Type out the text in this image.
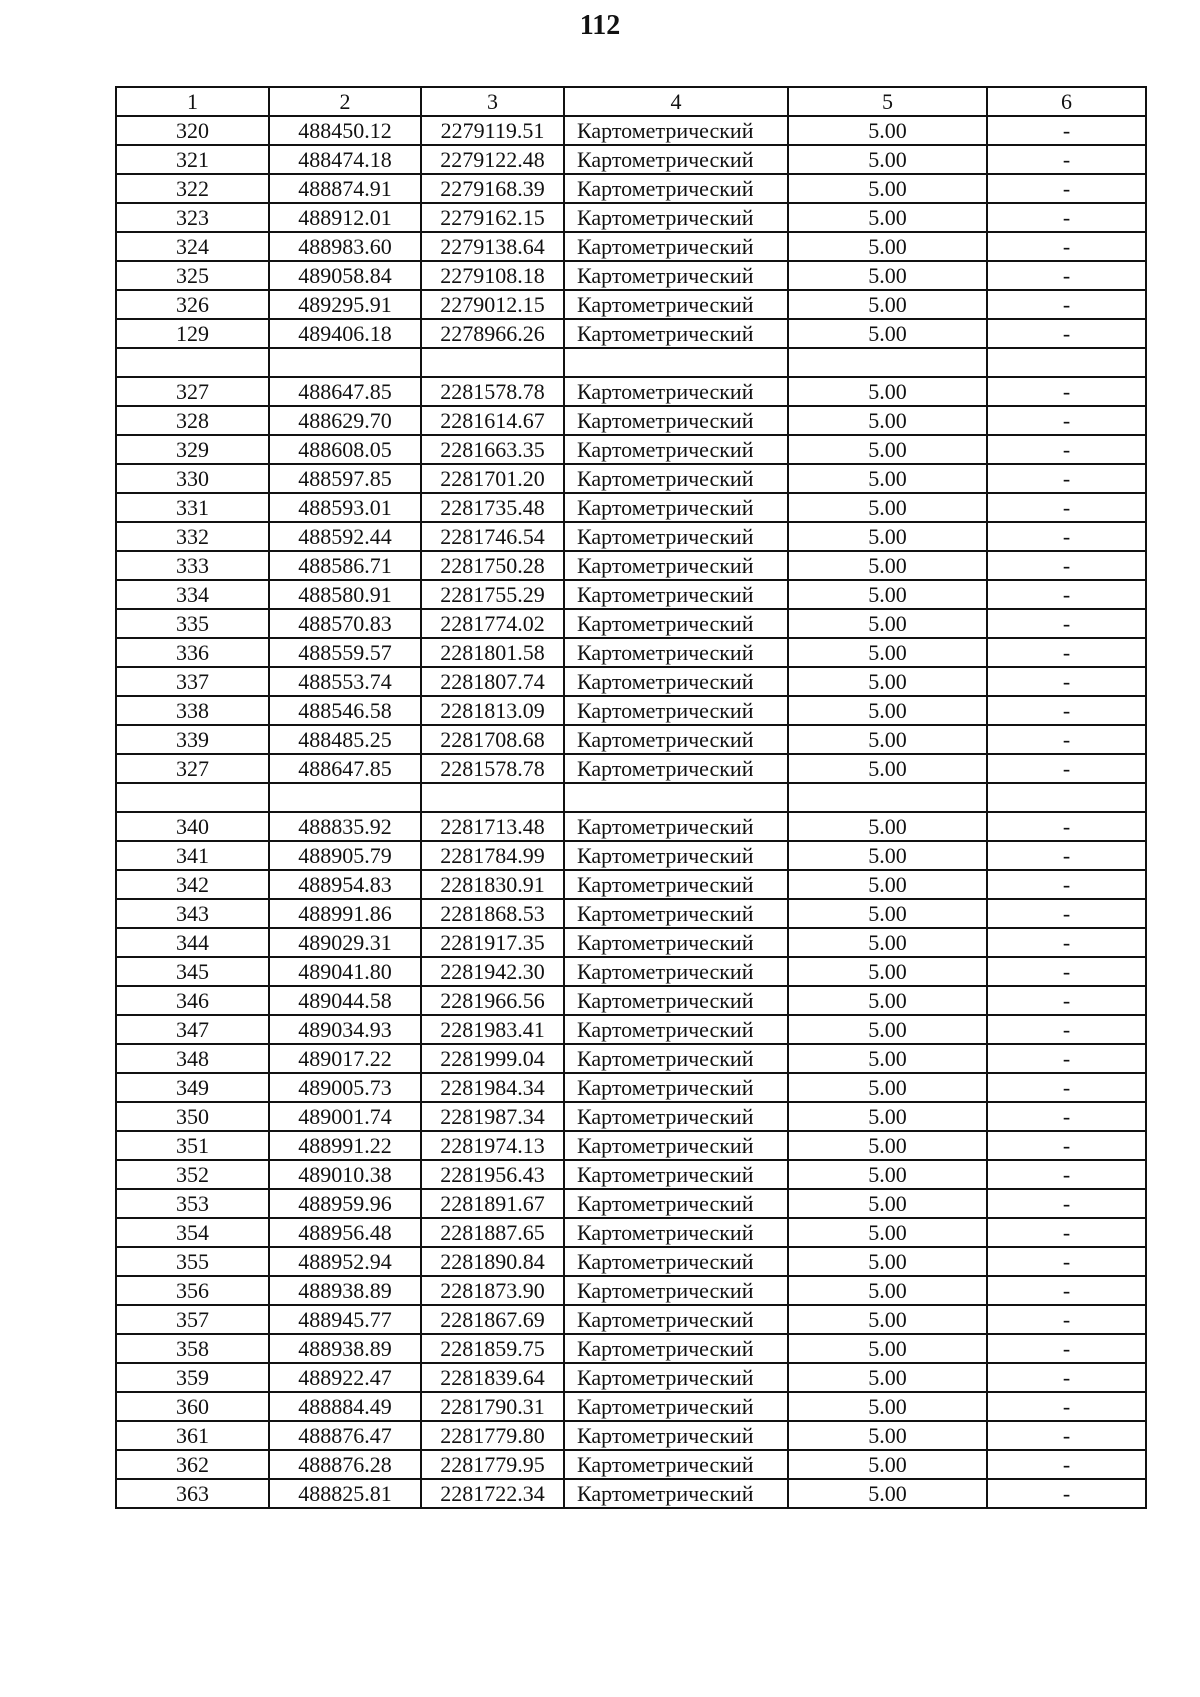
112
1	2	3	4	5	6
320	488450.12	2279119.51	Картометрический	5.00	-
321	488474.18	2279122.48	Картометрический	5.00	-
322	488874.91	2279168.39	Картометрический	5.00	-
323	488912.01	2279162.15	Картометрический	5.00	-
324	488983.60	2279138.64	Картометрический	5.00	-
325	489058.84	2279108.18	Картометрический	5.00	-
326	489295.91	2279012.15	Картометрический	5.00	-
129	489406.18	2278966.26	Картометрический	5.00	-

327	488647.85	2281578.78	Картометрический	5.00	-
328	488629.70	2281614.67	Картометрический	5.00	-
329	488608.05	2281663.35	Картометрический	5.00	-
330	488597.85	2281701.20	Картометрический	5.00	-
331	488593.01	2281735.48	Картометрический	5.00	-
332	488592.44	2281746.54	Картометрический	5.00	-
333	488586.71	2281750.28	Картометрический	5.00	-
334	488580.91	2281755.29	Картометрический	5.00	-
335	488570.83	2281774.02	Картометрический	5.00	-
336	488559.57	2281801.58	Картометрический	5.00	-
337	488553.74	2281807.74	Картометрический	5.00	-
338	488546.58	2281813.09	Картометрический	5.00	-
339	488485.25	2281708.68	Картометрический	5.00	-
327	488647.85	2281578.78	Картометрический	5.00	-

340	488835.92	2281713.48	Картометрический	5.00	-
341	488905.79	2281784.99	Картометрический	5.00	-
342	488954.83	2281830.91	Картометрический	5.00	-
343	488991.86	2281868.53	Картометрический	5.00	-
344	489029.31	2281917.35	Картометрический	5.00	-
345	489041.80	2281942.30	Картометрический	5.00	-
346	489044.58	2281966.56	Картометрический	5.00	-
347	489034.93	2281983.41	Картометрический	5.00	-
348	489017.22	2281999.04	Картометрический	5.00	-
349	489005.73	2281984.34	Картометрический	5.00	-
350	489001.74	2281987.34	Картометрический	5.00	-
351	488991.22	2281974.13	Картометрический	5.00	-
352	489010.38	2281956.43	Картометрический	5.00	-
353	488959.96	2281891.67	Картометрический	5.00	-
354	488956.48	2281887.65	Картометрический	5.00	-
355	488952.94	2281890.84	Картометрический	5.00	-
356	488938.89	2281873.90	Картометрический	5.00	-
357	488945.77	2281867.69	Картометрический	5.00	-
358	488938.89	2281859.75	Картометрический	5.00	-
359	488922.47	2281839.64	Картометрический	5.00	-
360	488884.49	2281790.31	Картометрический	5.00	-
361	488876.47	2281779.80	Картометрический	5.00	-
362	488876.28	2281779.95	Картометрический	5.00	-
363	488825.81	2281722.34	Картометрический	5.00	-
